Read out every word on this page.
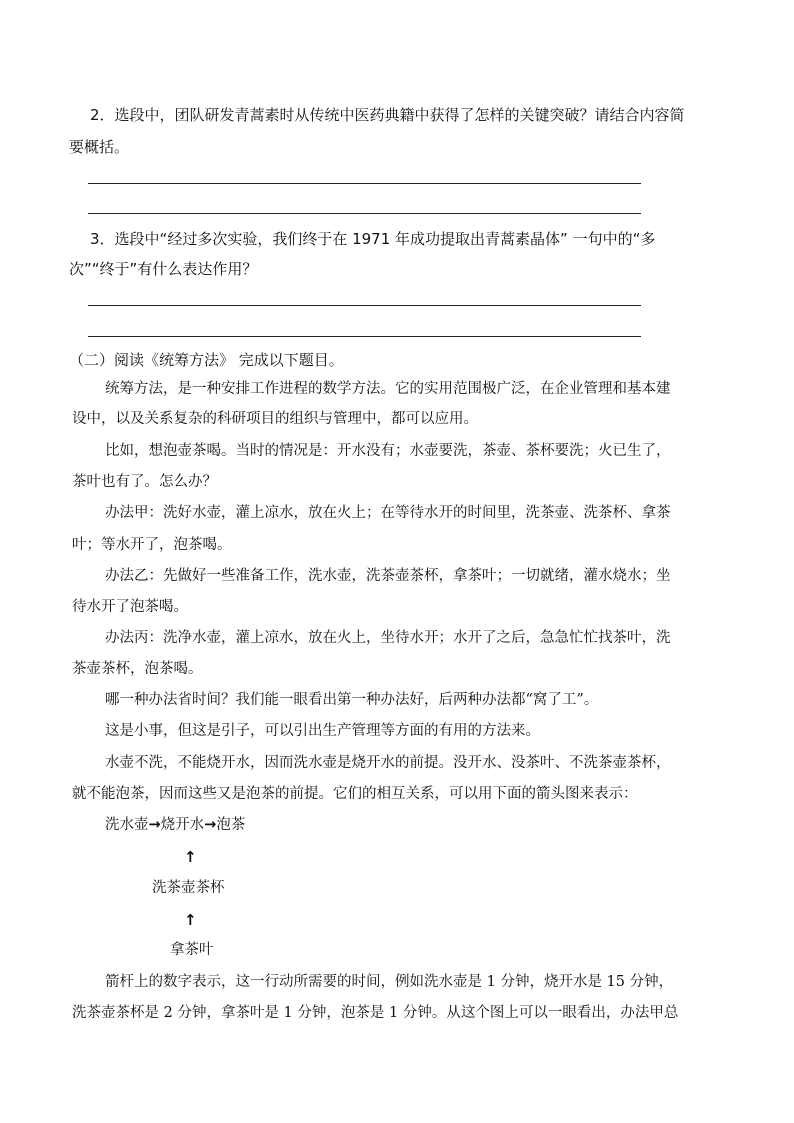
2．选段中，团队研发青蒿素时从传统中医药典籍中获得了怎样的关键突破？请结合内容简
要概括。
3．选段中“经过多次实验，我们终于在 1971 年成功提取出青蒿素晶体” 一句中的“多
次”“终于”有什么表达作用？
（二）阅读《统筹方法》 完成以下题目。
统筹方法，是一种安排工作进程的数学方法。它的实用范围极广泛，在企业管理和基本建
设中，以及关系复杂的科研项目的组织与管理中，都可以应用。
比如，想泡壶茶喝。当时的情况是：开水没有；水壶要洗，茶壶、茶杯要洗；火已生了，
茶叶也有了。怎么办？
办法甲：洗好水壶，灌上凉水，放在火上；在等待水开的时间里，洗茶壶、洗茶杯、拿茶
叶；等水开了，泡茶喝。
办法乙：先做好一些准备工作，洗水壶，洗茶壶茶杯，拿茶叶；一切就绪，灌水烧水；坐
待水开了泡茶喝。
办法丙：洗净水壶，灌上凉水，放在火上，坐待水开；水开了之后，急急忙忙找茶叶，洗
茶壶茶杯，泡茶喝。
哪一种办法省时间？我们能一眼看出第一种办法好，后两种办法都“窝了工”。
这是小事，但这是引子，可以引出生产管理等方面的有用的方法来。
水壶不洗，不能烧开水，因而洗水壶是烧开水的前提。没开水、没茶叶、不洗茶壶茶杯，
就不能泡茶，因而这些又是泡茶的前提。它们的相互关系，可以用下面的箭头图来表示：
洗水壶→烧开水→泡茶
↑
洗茶壶茶杯
↑
拿茶叶
箭杆上的数字表示，这一行动所需要的时间，例如洗水壶是 1 分钟，烧开水是 15 分钟，
洗茶壶茶杯是 2 分钟，拿茶叶是 1 分钟，泡茶是 1 分钟。从这个图上可以一眼看出，办法甲总
